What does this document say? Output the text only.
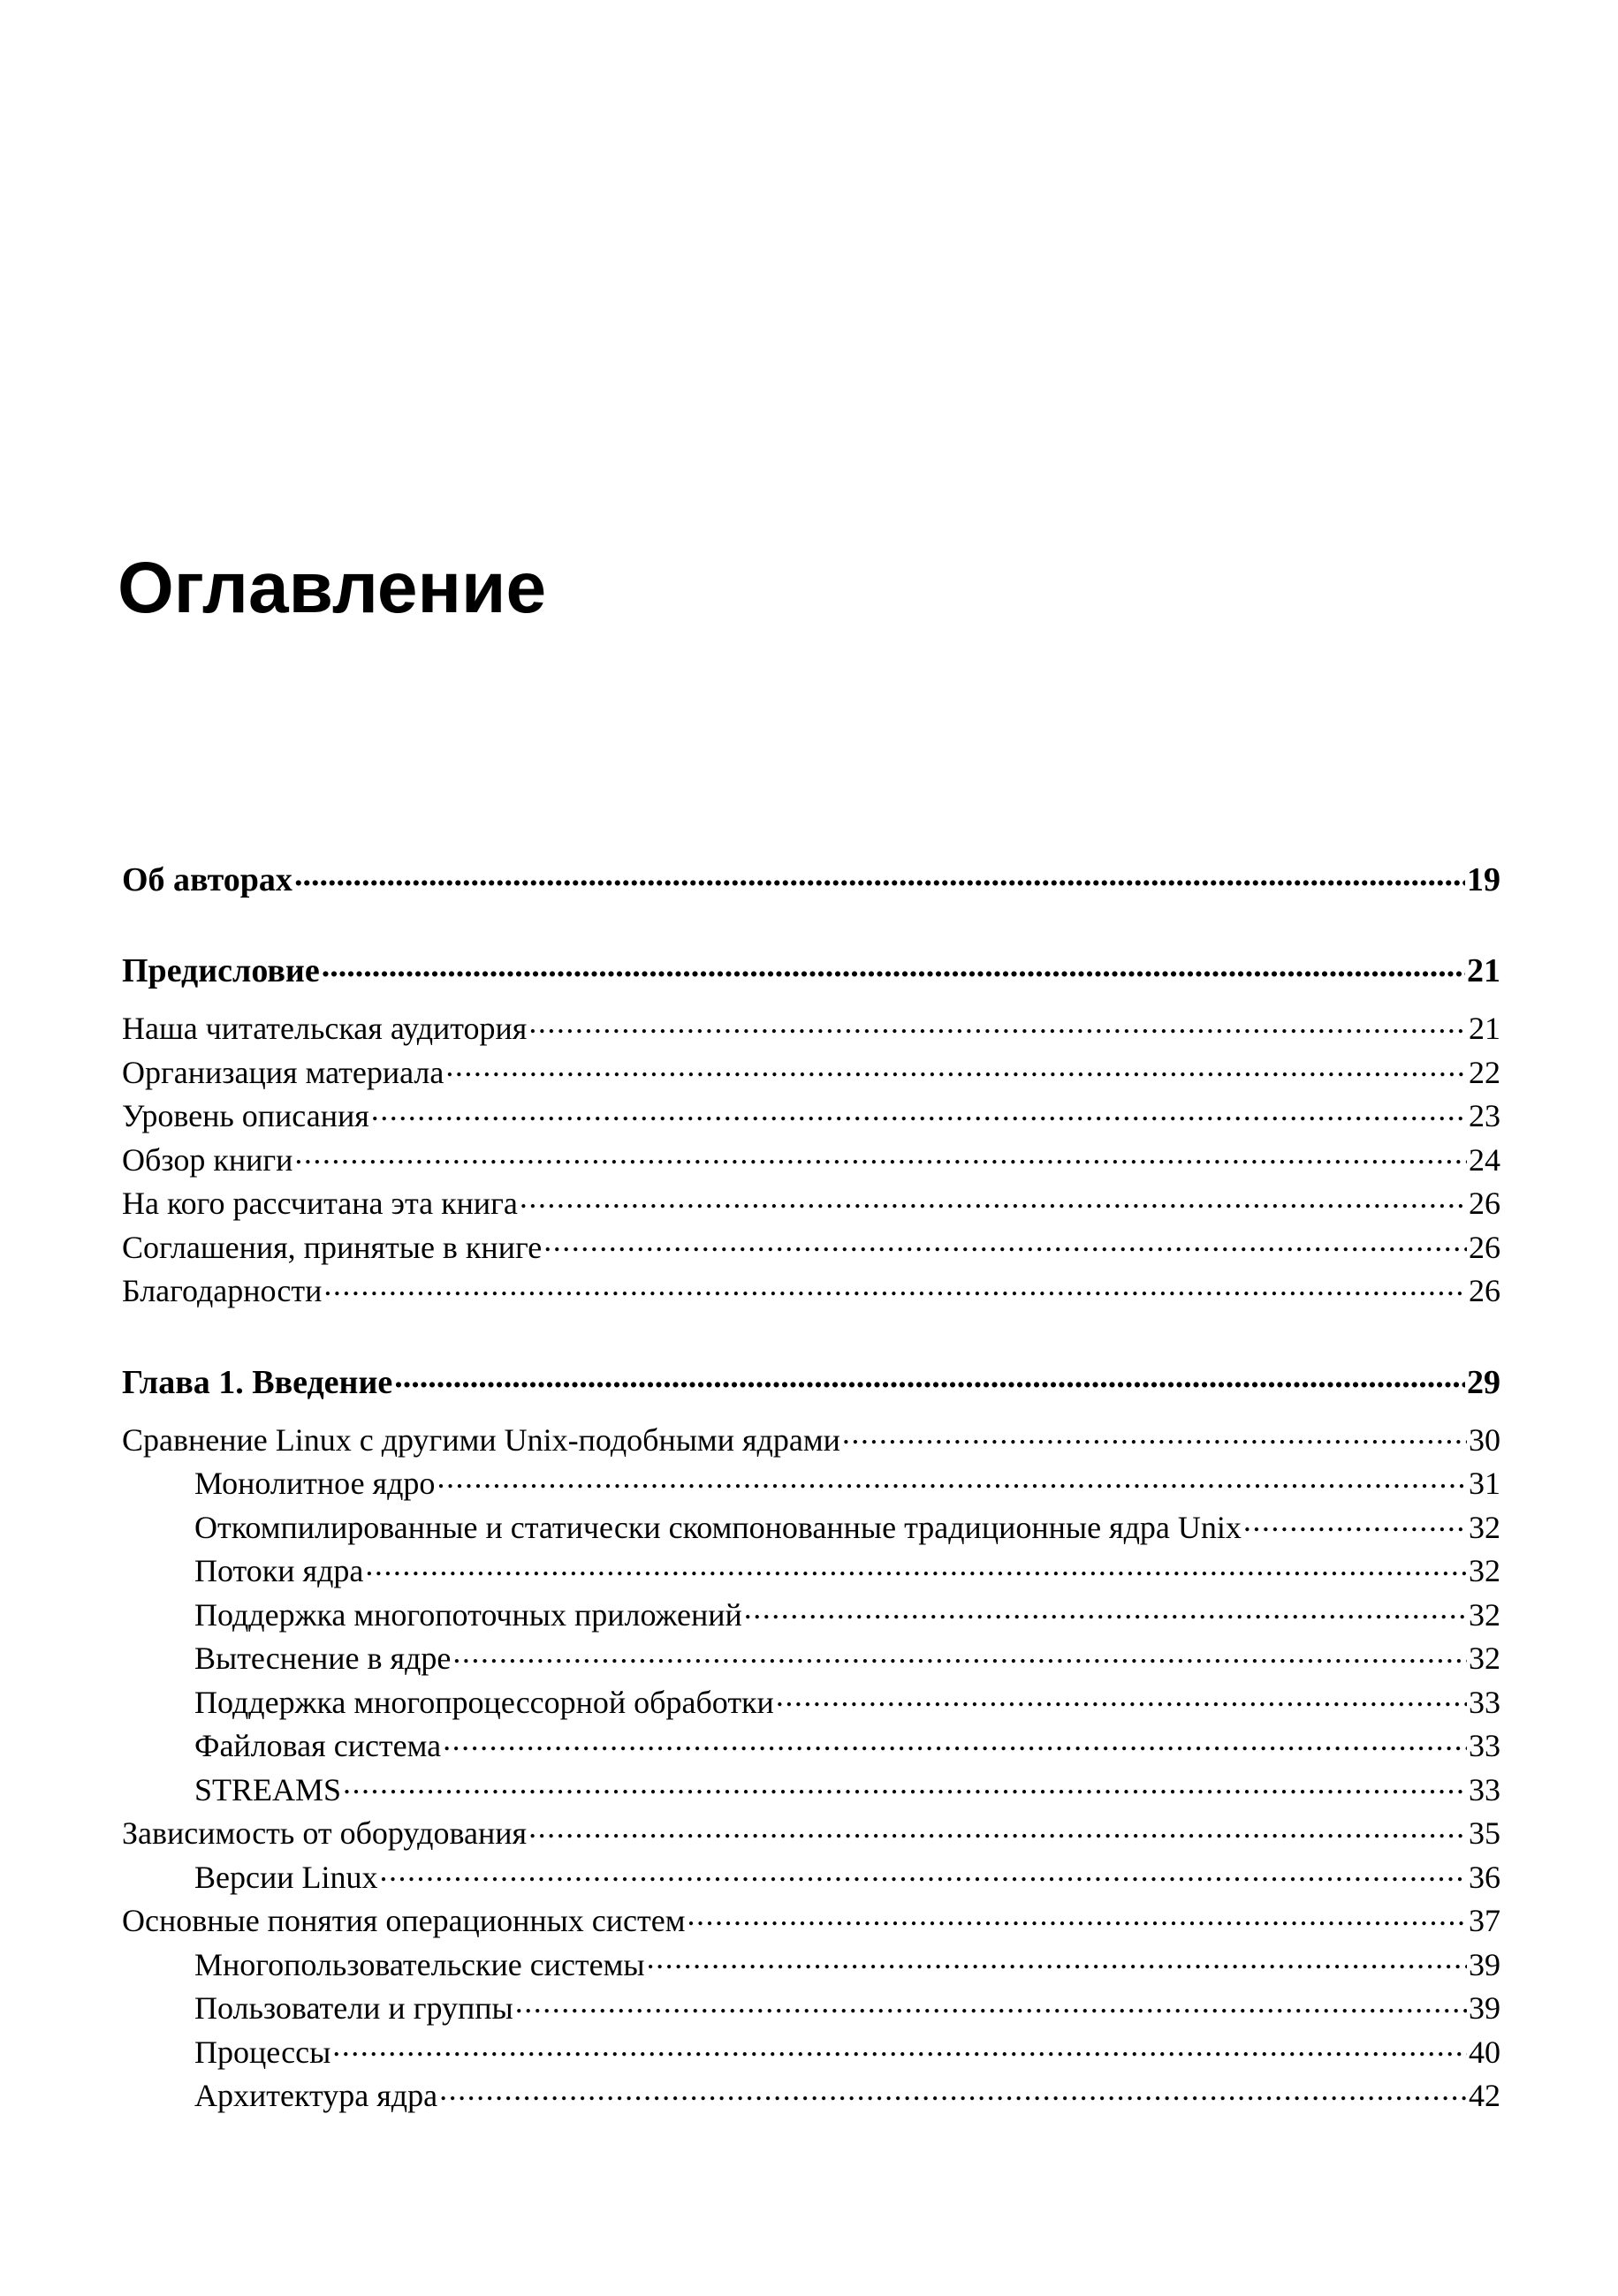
Оглавление
Об авторах .....	19
Предисловие .....	21
Наша читательская аудитория .....	21
Организация материала .....	22
Уровень описания .....	23
Обзор книги .....	24
На кого рассчитана эта книга .....	26
Соглашения, принятые в книге .....	26
Благодарности .....	26
Глава 1. Введение .....	29
Сравнение Linux с другими Unix-подобными ядрами .....	30
Монолитное ядро .....	31
Откомпилированные и статически скомпонованные традиционные ядра Unix .....	32
Потоки ядра .....	32
Поддержка многопоточных приложений .....	32
Вытеснение в ядре .....	32
Поддержка многопроцессорной обработки .....	33
Файловая система .....	33
STREAMS .....	33
Зависимость от оборудования .....	35
Версии Linux .....	36
Основные понятия операционных систем .....	37
Многопользовательские системы .....	39
Пользователи и группы .....	39
Процессы .....	40
Архитектура ядра .....	42
